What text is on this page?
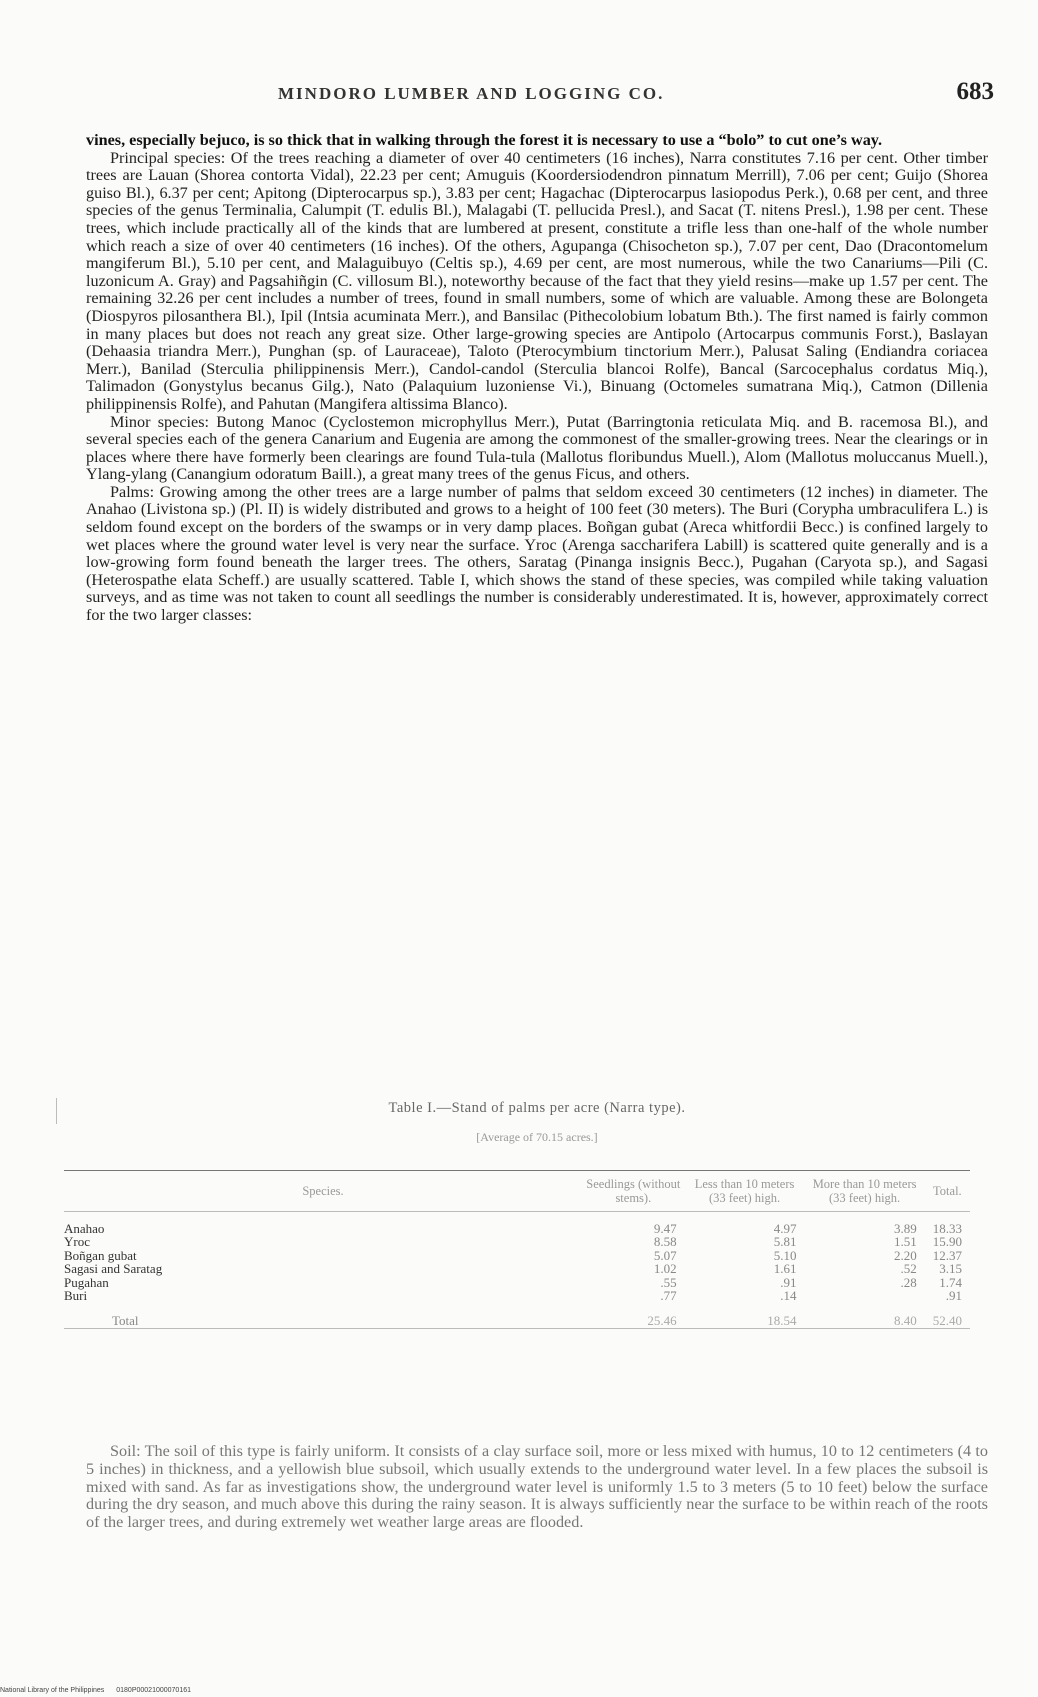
MINDORO LUMBER AND LOGGING CO.	683

vines, especially bejuco, is so thick that in walking through the forest it is necessary to use a “bolo” to cut one’s way.

Principal species: Of the trees reaching a diameter of over 40 centimeters (16 inches), Narra constitutes 7.16 per cent. Other timber trees are Lauan (Shorea contorta Vidal), 22.23 per cent; Amuguis (Koordersiodendron pinnatum Merrill), 7.06 per cent; Guijo (Shorea guiso Bl.), 6.37 per cent; Apitong (Dipterocarpus sp.), 3.83 per cent; Hagachac (Dipterocarpus lasiopodus Perk.), 0.68 per cent, and three species of the genus Terminalia, Calumpit (T. edulis Bl.), Malagabi (T. pellucida Presl.), and Sacat (T. nitens Presl.), 1.98 per cent. These trees, which include practically all of the kinds that are lumbered at present, constitute a trifle less than one-half of the whole number which reach a size of over 40 centimeters (16 inches). Of the others, Agupanga (Chisocheton sp.), 7.07 per cent, Dao (Dracontomelum mangiferum Bl.), 5.10 per cent, and Malaguibuyo (Celtis sp.), 4.69 per cent, are most numerous, while the two Canariums—Pili (C. luzonicum A. Gray) and Pagsahiñgin (C. villosum Bl.), noteworthy because of the fact that they yield resins—make up 1.57 per cent. The remaining 32.26 per cent includes a number of trees, found in small numbers, some of which are valuable. Among these are Bolongeta (Diospyros pilosanthera Bl.), Ipil (Intsia acuminata Merr.), and Bansilac (Pithecolobium lobatum Bth.). The first named is fairly common in many places but does not reach any great size. Other large-growing species are Antipolo (Artocarpus communis Forst.), Baslayan (Dehaasia triandra Merr.), Punghan (sp. of Lauraceae), Taloto (Pterocymbium tinctorium Merr.), Palusat Saling (Endiandra coriacea Merr.), Banilad (Sterculia philippinensis Merr.), Candol-candol (Sterculia blancoi Rolfe), Bancal (Sarcocephalus cordatus Miq.), Talimadon (Gonystylus becanus Gilg.), Nato (Palaquium luzoniense Vi.), Binuang (Octomeles sumatrana Miq.), Catmon (Dillenia philippinensis Rolfe), and Pahutan (Mangifera altissima Blanco).

Minor species: Butong Manoc (Cyclostemon microphyllus Merr.), Putat (Barringtonia reticulata Miq. and B. racemosa Bl.), and several species each of the genera Canarium and Eugenia are among the commonest of the smaller-growing trees. Near the clearings or in places where there have formerly been clearings are found Tula-tula (Mallotus floribundus Muell.), Alom (Mallotus moluccanus Muell.), Ylang-ylang (Canangium odoratum Baill.), a great many trees of the genus Ficus, and others.

Palms: Growing among the other trees are a large number of palms that seldom exceed 30 centimeters (12 inches) in diameter. The Anahao (Livistona sp.) (Pl. II) is widely distributed and grows to a height of 100 feet (30 meters). The Buri (Corypha umbraculifera L.) is seldom found except on the borders of the swamps or in very damp places. Boñgan gubat (Areca whitfordii Becc.) is confined largely to wet places where the ground water level is very near the surface. Yroc (Arenga saccharifera Labill) is scattered quite generally and is a low-growing form found beneath the larger trees. The others, Saratag (Pinanga insignis Becc.), Pugahan (Caryota sp.), and Sagasi (Heterospathe elata Scheff.) are usually scattered. Table I, which shows the stand of these species, was compiled while taking valuation surveys, and as time was not taken to count all seedlings the number is considerably underestimated. It is, however, approximately correct for the two larger classes:

Table I.—Stand of palms per acre (Narra type).
[Average of 70.15 acres.]
Species.	Seedlings (without stems).	Less than 10 meters (33 feet) high.	More than 10 meters (33 feet) high.	Total.
Anahao	9.47	4.97	3.89	18.33
Yroc	8.58	5.81	1.51	15.90
Boñgan gubat	5.07	5.10	2.20	12.37
Sagasi and Saratag	1.02	1.61	.52	3.15
Pugahan	.55	.91	.28	1.74
Buri	.77	.14		.91
Total	25.46	18.54	8.40	52.40

Soil: The soil of this type is fairly uniform. It consists of a clay surface soil, more or less mixed with humus, 10 to 12 centimeters (4 to 5 inches) in thickness, and a yellowish blue subsoil, which usually extends to the underground water level. In a few places the subsoil is mixed with sand. As far as investigations show, the underground water level is uniformly 1.5 to 3 meters (5 to 10 feet) below the surface during the dry season, and much above this during the rainy season. It is always sufficiently near the surface to be within reach of the roots of the larger trees, and during extremely wet weather large areas are flooded.

National Library of the Philippines 0180P00021000070161
